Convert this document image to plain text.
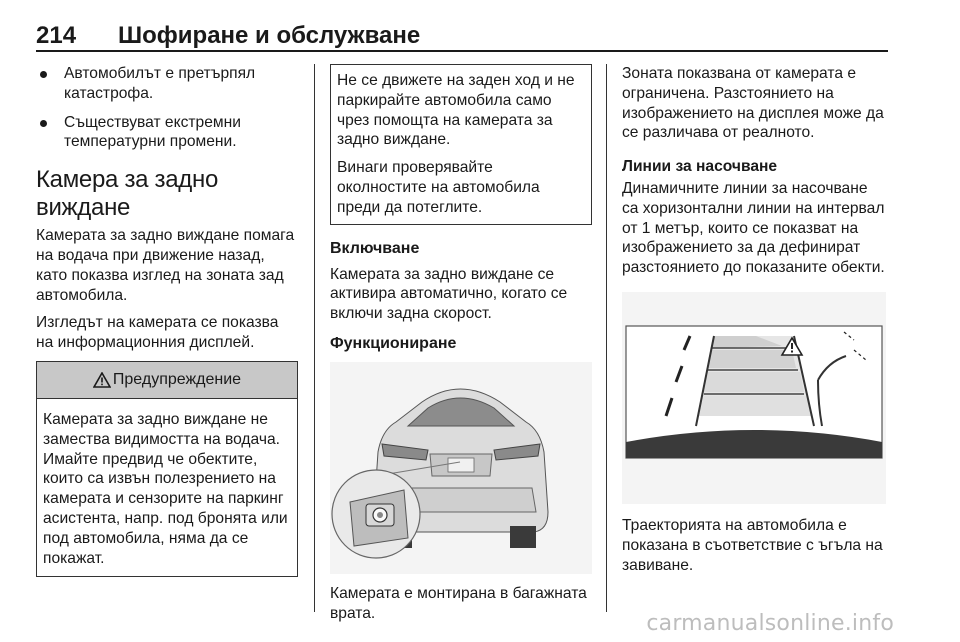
214 Шофиране и обслужване
Автомобилът е претърпял катастрофа.
Съществуват екстремни температурни промени.
Камера за задно виждане

Камерата за задно виждане помага на водача при движение назад, като показва изглед на зоната зад автомобила.

Изгледът на камерата се показва на информационния дисплей.

Предупреждение
Камерата за задно виждане не замества видимостта на водача. Имайте предвид че обектите, които са извън полезрението на камерата и сензорите на паркинг асистента, напр. под бронята или под автомобила, няма да се покажат.

Не се движете на заден ход и не паркирайте автомобила само чрез помощта на камерата за задно виждане.

Винаги проверявайте околностите на автомобила преди да потеглите.

Включване

Камерата за задно виждане се активира автоматично, когато се включи задна скорост.

Функциониране

Камерата е монтирана в багажната врата.

Зоната показвана от камерата е ограничена. Разстоянието на изображението на дисплея може да се различава от реалното.

Линии за насочване

Динамичните линии за насочване са хоризонтални линии на интервал от 1 метър, които се показват на изображението за да дефинират разстоянието до показаните обекти.

Траекторията на автомобила е показана в съответствие с ъгъла на завиване.

carmanualsonline.info
